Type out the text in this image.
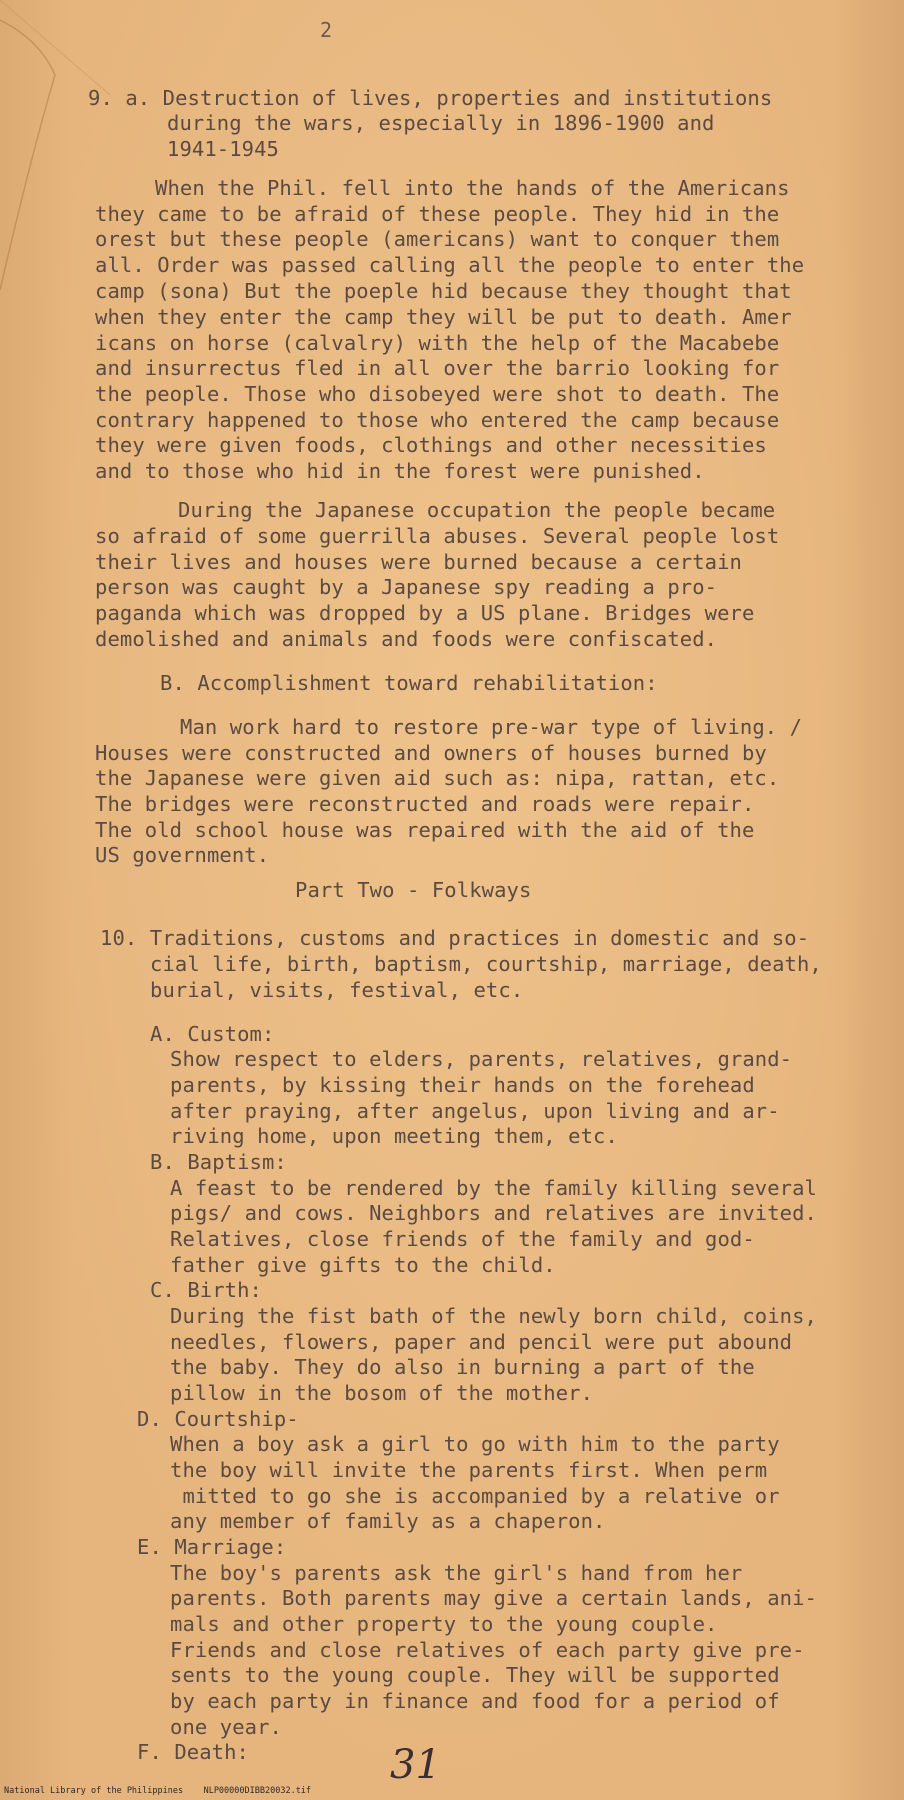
2
9. a. Destruction of lives, properties and institutions
during the wars, especially in 1896-1900 and
1941-1945
When the Phil. fell into the hands of the Americans
they came to be afraid of these people. They hid in the
orest but these people (americans) want to conquer them
all. Order was passed calling all the people to enter the
camp (sona) But the poeple hid because they thought that
when they enter the camp they will be put to death. Amer
icans on horse (calvalry) with the help of the Macabebe
and insurrectus fled in all over the barrio looking for
the people. Those who disobeyed were shot to death. The
contrary happened to those who entered the camp because
they were given foods, clothings and other necessities
and to those who hid in the forest were punished.
During the Japanese occupation the people became
so afraid of some guerrilla abuses. Several people lost
their lives and houses were burned because a certain
person was caught by a Japanese spy reading a pro-
paganda which was dropped by a US plane. Bridges were
demolished and animals and foods were confiscated.
B. Accomplishment toward rehabilitation:
Man work hard to restore pre-war type of living. /
Houses were constructed and owners of houses burned by
the Japanese were given aid such as: nipa, rattan, etc.
The bridges were reconstructed and roads were repair.
The old school house was repaired with the aid of the
US government.
Part Two - Folkways
10. Traditions, customs and practices in domestic and so-
cial life, birth, baptism, courtship, marriage, death,
burial, visits, festival, etc.
A. Custom:
Show respect to elders, parents, relatives, grand-
parents, by kissing their hands on the forehead
after praying, after angelus, upon living and ar-
riving home, upon meeting them, etc.
B. Baptism:
A feast to be rendered by the family killing several
pigs/ and cows. Neighbors and relatives are invited.
Relatives, close friends of the family and god-
father give gifts to the child.
C. Birth:
During the fist bath of the newly born child, coins,
needles, flowers, paper and pencil were put abound
the baby. They do also in burning a part of the
pillow in the bosom of the mother.
D. Courtship-
When a boy ask a girl to go with him to the party
the boy will invite the parents first. When perm
mitted to go she is accompanied by a relative or
any member of family as a chaperon.
E. Marriage:
The boy's parents ask the girl's hand from her
parents. Both parents may give a certain lands, ani-
mals and other property to the young couple.
Friends and close relatives of each party give pre-
sents to the young couple. They will be supported
by each party in finance and food for a period of
one year.
F. Death:	31
National Library of the Philippines    NLP00000DIBB20032.tif
